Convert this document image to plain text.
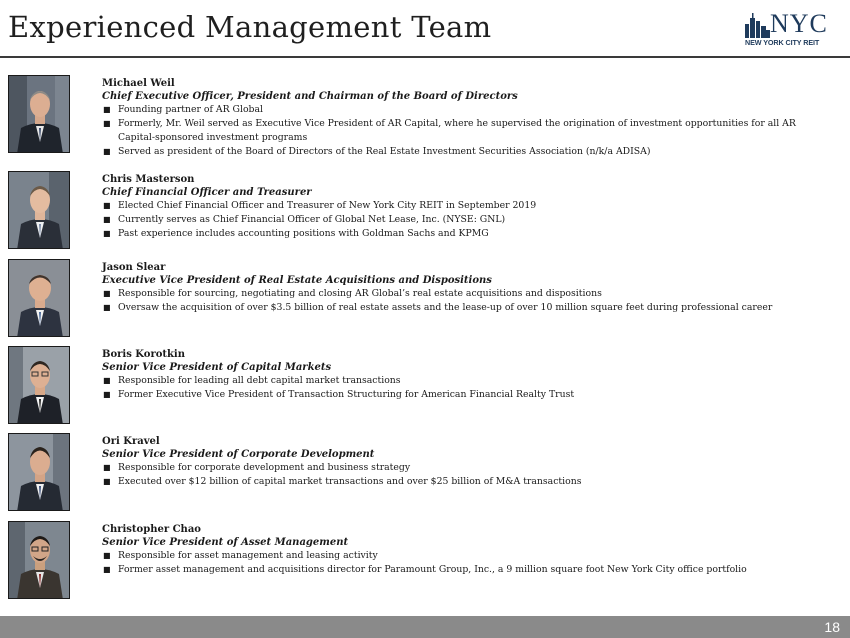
Experienced Management Team	NYC
NEW YORK CITY REIT
Michael Weil
Chief Executive Officer, President and Chairman of the Board of Directors
■ Founding partner of AR Global
■ Formerly, Mr. Weil served as Executive Vice President of AR Capital, where he supervised the origination of investment opportunities for all AR Capital-sponsored investment programs
■ Served as president of the Board of Directors of the Real Estate Investment Securities Association (n/k/a ADISA)
Chris Masterson
Chief Financial Officer and Treasurer
■ Elected Chief Financial Officer and Treasurer of New York City REIT in September 2019
■ Currently serves as Chief Financial Officer of Global Net Lease, Inc. (NYSE: GNL)
■ Past experience includes accounting positions with Goldman Sachs and KPMG
Jason Slear
Executive Vice President of Real Estate Acquisitions and Dispositions
■ Responsible for sourcing, negotiating and closing AR Global’s real estate acquisitions and dispositions
■ Oversaw the acquisition of over $3.5 billion of real estate assets and the lease-up of over 10 million square feet during professional career
Boris Korotkin
Senior Vice President of Capital Markets
■ Responsible for leading all debt capital market transactions
■ Former Executive Vice President of Transaction Structuring for American Financial Realty Trust
Ori Kravel
Senior Vice President of Corporate Development
■ Responsible for corporate development and business strategy
■ Executed over $12 billion of capital market transactions and over $25 billion of M&A transactions
Christopher Chao
Senior Vice President of Asset Management
■ Responsible for asset management and leasing activity
■ Former asset management and acquisitions director for Paramount Group, Inc., a 9 million square foot New York City office portfolio
18
